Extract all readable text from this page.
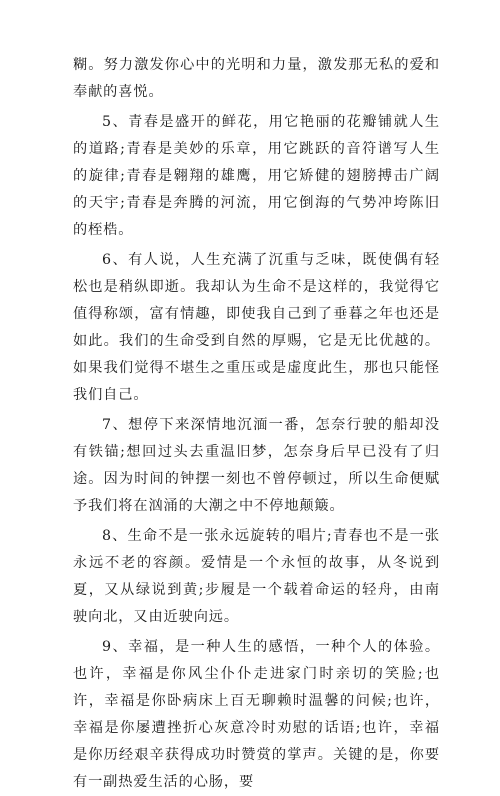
糊。努力激发你心中的光明和力量，激发那无私的爱和奉献的喜悦。

5、青春是盛开的鲜花，用它艳丽的花瓣铺就人生的道路;青春是美妙的乐章，用它跳跃的音符谱写人生的旋律;青春是翱翔的雄鹰，用它矫健的翅膀搏击广阔的天宇;青春是奔腾的河流，用它倒海的气势冲垮陈旧的桎梏。

6、有人说，人生充满了沉重与乏味，既使偶有轻松也是稍纵即逝。我却认为生命不是这样的，我觉得它值得称颂，富有情趣，即使我自己到了垂暮之年也还是如此。我们的生命受到自然的厚赐，它是无比优越的。如果我们觉得不堪生之重压或是虚度此生，那也只能怪我们自己。

7、想停下来深情地沉湎一番，怎奈行驶的船却没有铁锚;想回过头去重温旧梦，怎奈身后早已没有了归途。因为时间的钟摆一刻也不曾停顿过，所以生命便赋予我们将在汹涌的大潮之中不停地颠簸。

8、生命不是一张永远旋转的唱片;青春也不是一张永远不老的容颜。爱情是一个永恒的故事，从冬说到夏，又从绿说到黄;步履是一个载着命运的轻舟，由南驶向北，又由近驶向远。

9、幸福，是一种人生的感悟，一种个人的体验。也许，幸福是你风尘仆仆走进家门时亲切的笑脸;也许，幸福是你卧病床上百无聊赖时温馨的问候;也许，幸福是你屡遭挫折心灰意冷时劝慰的话语;也许，幸福是你历经艰辛获得成功时赞赏的掌声。关键的是，你要有一副热爱生活的心肠，要
